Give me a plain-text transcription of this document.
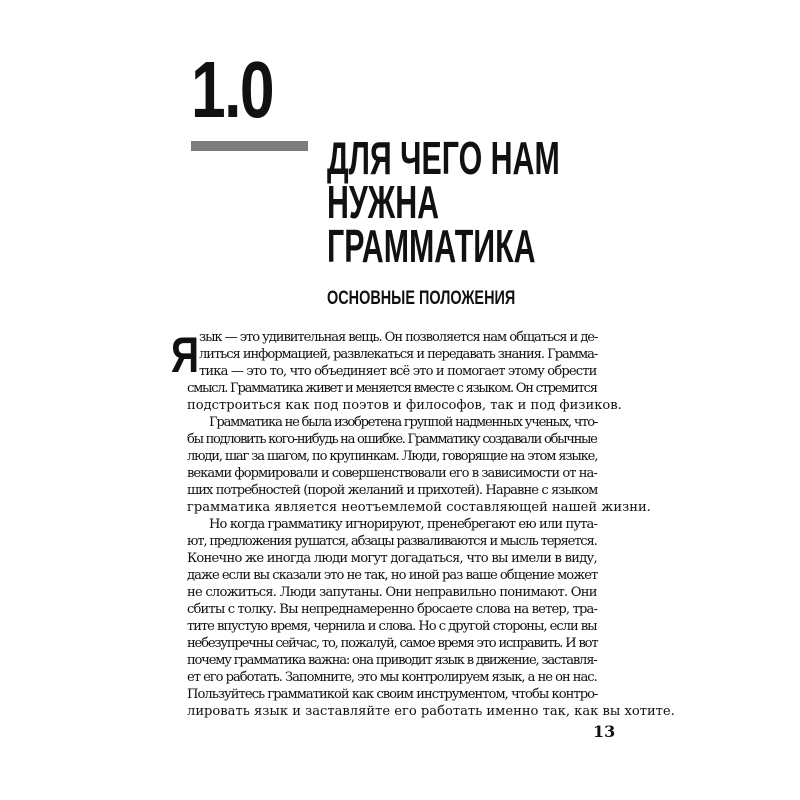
1.0
ДЛЯ ЧЕГО НАМ
НУЖНА
ГРАММАТИКА
ОСНОВНЫЕ ПОЛОЖЕНИЯ
Я зык — это удивительная вещь. Он позволяется нам общаться и де-
литься информацией, развлекаться и передавать знания. Грамма-
тика — это то, что объединяет всё это и помогает этому обрести
смысл. Грамматика живет и меняется вместе с языком. Он стремится
подстроиться как под поэтов и философов, так и под физиков.
Грамматика не была изобретена группой надменных ученых, что-
бы подловить кого-нибудь на ошибке. Грамматику создавали обычные
люди, шаг за шагом, по крупинкам. Люди, говорящие на этом языке,
веками формировали и совершенствовали его в зависимости от на-
ших потребностей (порой желаний и прихотей). Наравне с языком
грамматика является неотъемлемой составляющей нашей жизни.
Но когда грамматику игнорируют, пренебрегают ею или пута-
ют, предложения рушатся, абзацы разваливаются и мысль теряется.
Конечно же иногда люди могут догадаться, что вы имели в виду,
даже если вы сказали это не так, но иной раз ваше общение может
не сложиться. Люди запутаны. Они неправильно понимают. Они
сбиты с толку. Вы непреднамеренно бросаете слова на ветер, тра-
тите впустую время, чернила и слова. Но с другой стороны, если вы
небезупречны сейчас, то, пожалуй, самое время это исправить. И вот
почему грамматика важна: она приводит язык в движение, заставля-
ет его работать. Запомните, это мы контролируем язык, а не он нас.
Пользуйтесь грамматикой как своим инструментом, чтобы контро-
лировать язык и заставляйте его работать именно так, как вы хотите.
13
